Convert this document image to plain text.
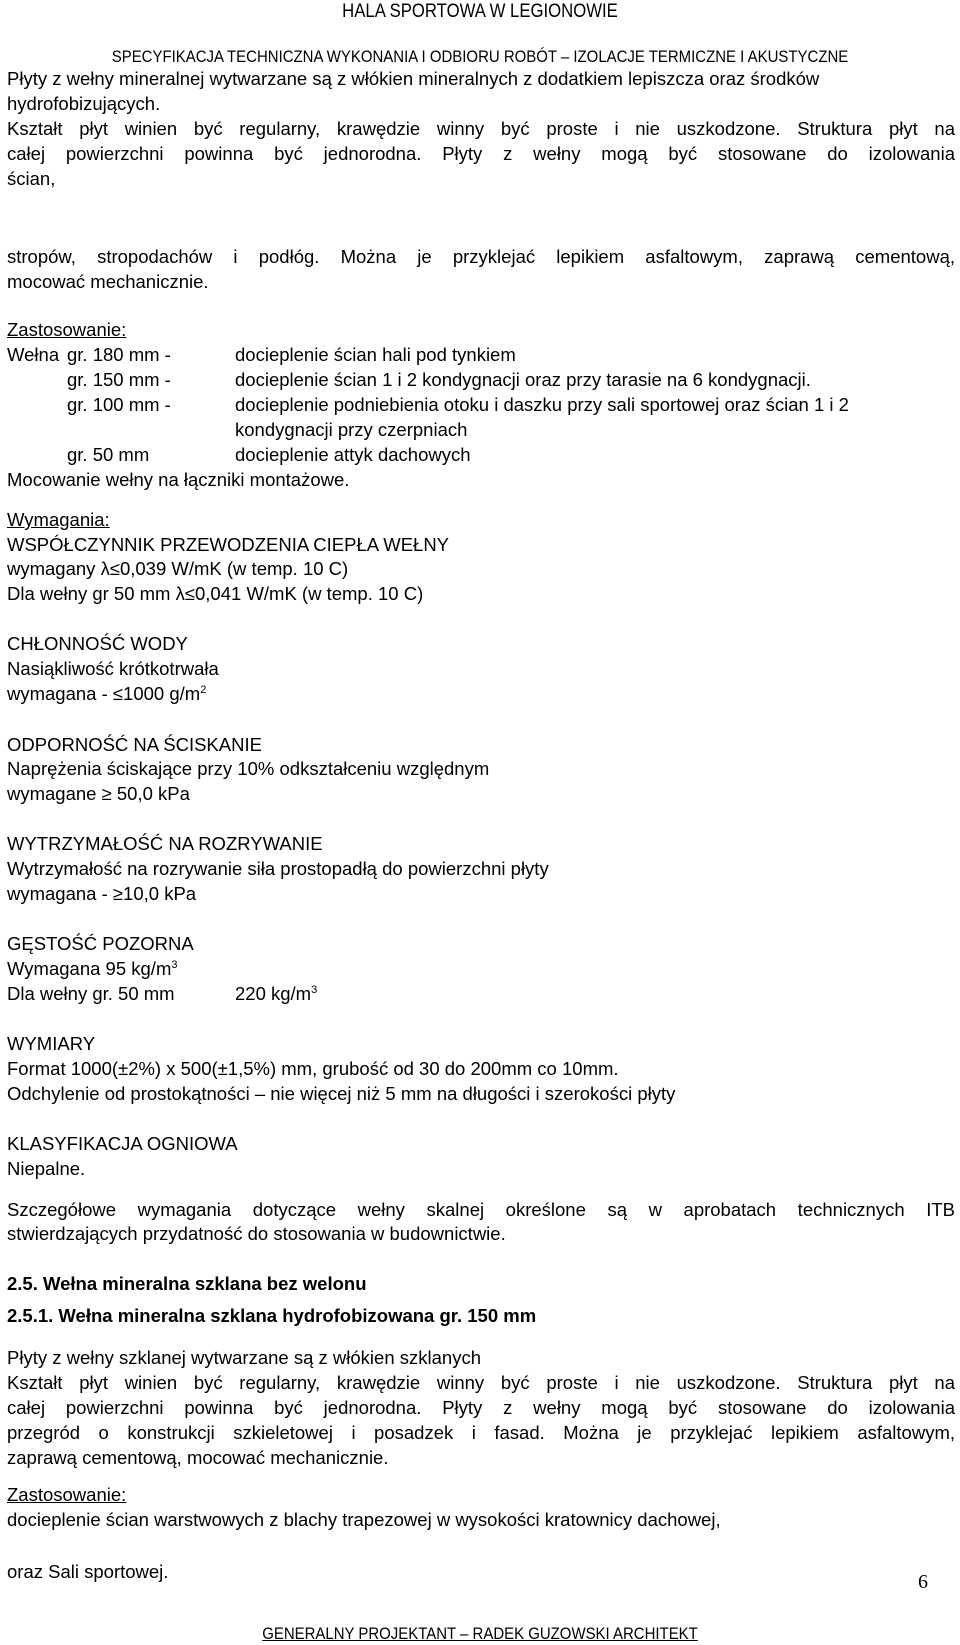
HALA SPORTOWA W LEGIONOWIE
SPECYFIKACJA TECHNICZNA WYKONANIA I ODBIORU ROBÓT – IZOLACJE TERMICZNE I AKUSTYCZNE
Płyty z wełny mineralnej wytwarzane są z włókien mineralnych z dodatkiem lepiszcza oraz środków
hydrofobizujących.
Kształt płyt winien być regularny, krawędzie winny być proste i nie uszkodzone. Struktura płyt na
całej powierzchni powinna być jednorodna. Płyty z wełny mogą być stosowane do izolowania
ścian,
stropów, stropodachów i podłóg. Można je przyklejać lepikiem asfaltowym, zaprawą cementową,
mocować mechanicznie.
Zastosowanie:
Wełna gr. 180 mm -	docieplenie ścian hali pod tynkiem
gr. 150 mm -	docieplenie ścian 1 i 2 kondygnacji oraz przy tarasie na 6 kondygnacji.
gr. 100 mm -	docieplenie podniebienia otoku i daszku przy sali sportowej oraz ścian 1 i 2
kondygnacji przy czerpniach
gr. 50 mm	docieplenie attyk dachowych
Mocowanie wełny na łączniki montażowe.
Wymagania:
WSPÓŁCZYNNIK PRZEWODZENIA CIEPŁA WEŁNY
wymagany λ≤0,039 W/mK (w temp. 10 C)
Dla wełny gr 50 mm λ≤0,041 W/mK (w temp. 10 C)
CHŁONNOŚĆ WODY
Nasiąkliwość krótkotrwała
wymagana - ≤1000 $g/m^2$
ODPORNOŚĆ NA ŚCISKANIE
Naprężenia ściskające przy 10% odkształceniu względnym
wymagane ≥ 50,0 kPa
WYTRZYMAŁOŚĆ NA ROZRYWANIE
Wytrzymałość na rozrywanie siła prostopadłą do powierzchni płyty
wymagana - ≥10,0 kPa
GĘSTOŚĆ POZORNA
Wymagana 95 $kg/m^3$
Dla wełny gr. 50 mm	220 $kg/m^3$
WYMIARY
Format 1000(±2%) x 500(±1,5%) mm, grubość od 30 do 200mm co 10mm.
Odchylenie od prostokątności – nie więcej niż 5 mm na długości i szerokości płyty
KLASYFIKACJA OGNIOWA
Niepalne.
Szczegółowe wymagania dotyczące wełny skalnej określone są w aprobatach technicznych ITB
stwierdzających przydatność do stosowania w budownictwie.
2.5. Wełna mineralna szklana bez welonu
2.5.1. Wełna mineralna szklana hydrofobizowana gr. 150 mm
Płyty z wełny szklanej wytwarzane są z włókien szklanych
Kształt płyt winien być regularny, krawędzie winny być proste i nie uszkodzone. Struktura płyt na
całej powierzchni powinna być jednorodna. Płyty z wełny mogą być stosowane do izolowania
przegród o konstrukcji szkieletowej i posadzek i fasad. Można je przyklejać lepikiem asfaltowym,
zaprawą cementową, mocować mechanicznie.
Zastosowanie:
docieplenie ścian warstwowych z blachy trapezowej w wysokości kratownicy dachowej,
oraz Sali sportowej.	6
GENERALNY PROJEKTANT – RADEK GUZOWSKI ARCHITEKT
